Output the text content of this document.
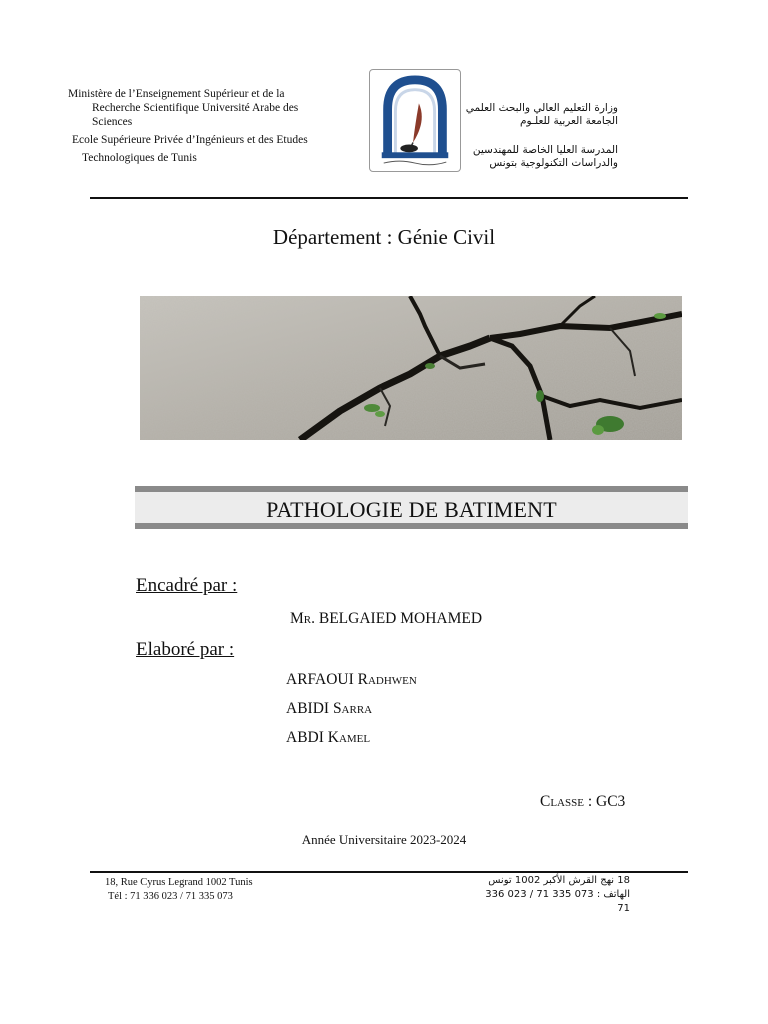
Ministère de l’Enseignement Supérieur et de la
Recherche Scientifique Université Arabe des
Sciences
Ecole Supérieure Privée d’Ingénieurs et des Etudes
Technologiques de Tunis
وزارة التعليم العالي والبحث العلمي
الجامعة العربية للعلـوم
المدرسة العليا الخاصة للمهندسين
والدراسات التكنولوجية بتونس
Département : Génie Civil
PATHOLOGIE DE BATIMENT
Encadré par :
Mr. BELGAIED MOHAMED
Elaboré par :
ARFAOUI Radhwen
ABIDI Sarra
ABDI Kamel
Classe : GC3
Année Universitaire 2023-2024
18, Rue Cyrus Legrand 1002 Tunis
Tél : 71 336 023 / 71 335 073
18 نهج القرش الأكبر 1002 تونس
الهاتف : 073 335 71 / 023 336 71
